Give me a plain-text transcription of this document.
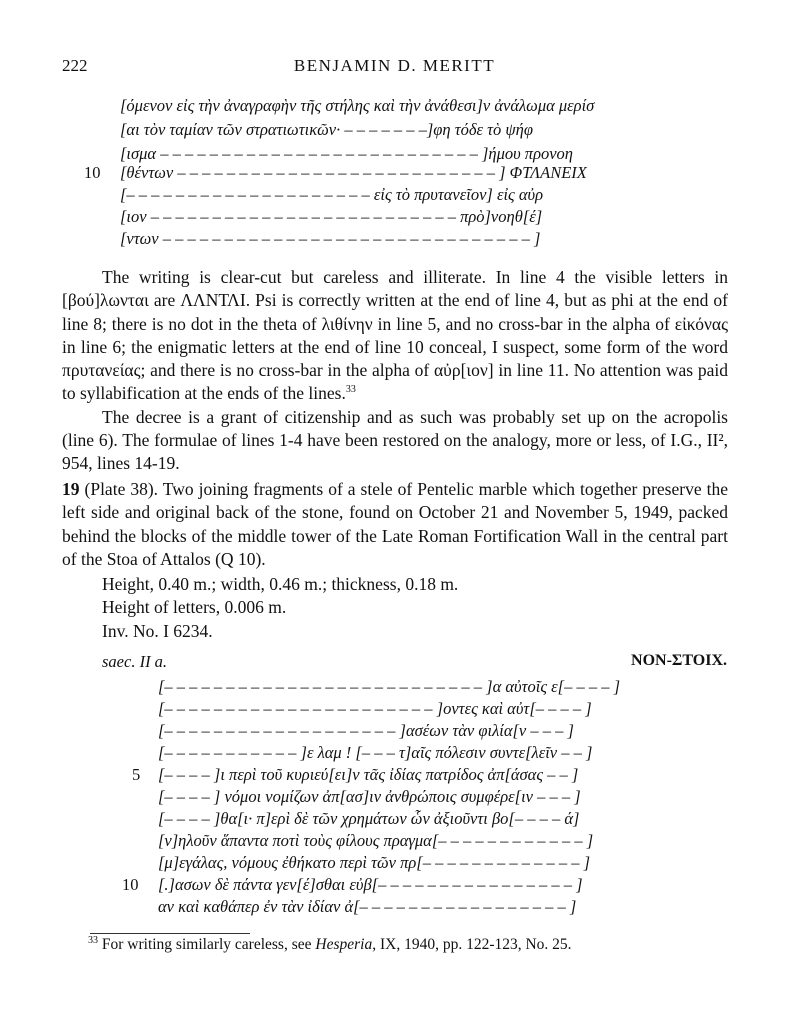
222	BENJAMIN D. MERITT
[όμενον εἰς τὴν ἀναγραφὴν τῆς στήλης καὶ τὴν ἀνάθεσι]ν ἀνάλωμα μερίσ
[αι τὸν ταμίαν τῶν στρατιωτικῶν· – – – – – – –]φη τόδε τὸ ψήφ
[ισμα – – – – – – – – – – – – – – – – – – – – – – – – – – ]ήμου προνοη
10 [θέντων – – – – – – – – – – – – – – – – – – – – – – – – – – ] ΦΤΛΑΝΕΙΧ
[– – – – – – – – – – – – – – – – – – – – εἰς τὸ πρυτανεῖον] εἰς αὐρ
[ιον – – – – – – – – – – – – – – – – – – – – – – – – – πρὸ]νοηθ[έ]
[ντων – – – – – – – – – – – – – – – – – – – – – – – – – – – – – – ]

The writing is clear-cut but careless and illiterate. In line 4 the visible letters in [βού]λωνται are ΛΛΝΤΛΙ. Psi is correctly written at the end of line 4, but as phi at the end of line 8; there is no dot in the theta of λιθίνην in line 5, and no cross-bar in the alpha of εἰκόνας in line 6; the enigmatic letters at the end of line 10 conceal, I suspect, some form of the word πρυτανείας; and there is no cross-bar in the alpha of αὐρ[ιον] in line 11. No attention was paid to syllabification at the ends of the lines.$^{33}$

The decree is a grant of citizenship and as such was probably set up on the acropolis (line 6). The formulae of lines 1-4 have been restored on the analogy, more or less, of I.G., II², 954, lines 14-19.

19 (Plate 38). Two joining fragments of a stele of Pentelic marble which together preserve the left side and original back of the stone, found on October 21 and November 5, 1949, packed behind the blocks of the middle tower of the Late Roman Fortification Wall in the central part of the Stoa of Attalos (Q 10).
Height, 0.40 m.; width, 0.46 m.; thickness, 0.18 m.
Height of letters, 0.006 m.
Inv. No. I 6234.
saec. II a.	NON-ΣΤΟΙΧ.
[– – – – – – – – – – – – – – – – – – – – – – – – – – ]α αὐτοῖς ε[– – – – ]
[– – – – – – – – – – – – – – – – – – – – – – ]οντες καὶ αὐτ[– – – – ]
[– – – – – – – – – – – – – – – – – – – ]ασέων τὰν φιλία[ν – – – ]
[– – – – – – – – – – – ]ε λαμ ! [– – – τ]αῖς πόλεσιν συντε[λεῖν – – ]
5 [– – – – ]ι περὶ τοῦ κυριεύ[ει]ν τᾶς ἰδίας πατρίδος ἀπ[άσας – – ]
[– – – – ] νόμοι νομίζων ἀπ[ασ]ιν ἀνθρώποις συμφέρε[ιν – – – ]
[– – – – ]θα[ι· π]ερὶ δὲ τῶν χρημάτων ὧν ἀξιοῦντι βο[– – – – ά]
[ν]ηλοῦν ἅπαντα ποτὶ τοὺς φίλους πραγμα[– – – – – – – – – – – – ]
[μ]εγάλας, νόμους ἐθήκατο περὶ τῶν πρ[– – – – – – – – – – – – – ]
10 [.]ασων δὲ πάντα γεν[έ]σθαι εὐβ[– – – – – – – – – – – – – – – – ]
αν καὶ καθάπερ ἐν τὰν ἰδίαν ἀ[– – – – – – – – – – – – – – – – – ]
$^{33}$ For writing similarly careless, see Hesperia, IX, 1940, pp. 122-123, No. 25.
